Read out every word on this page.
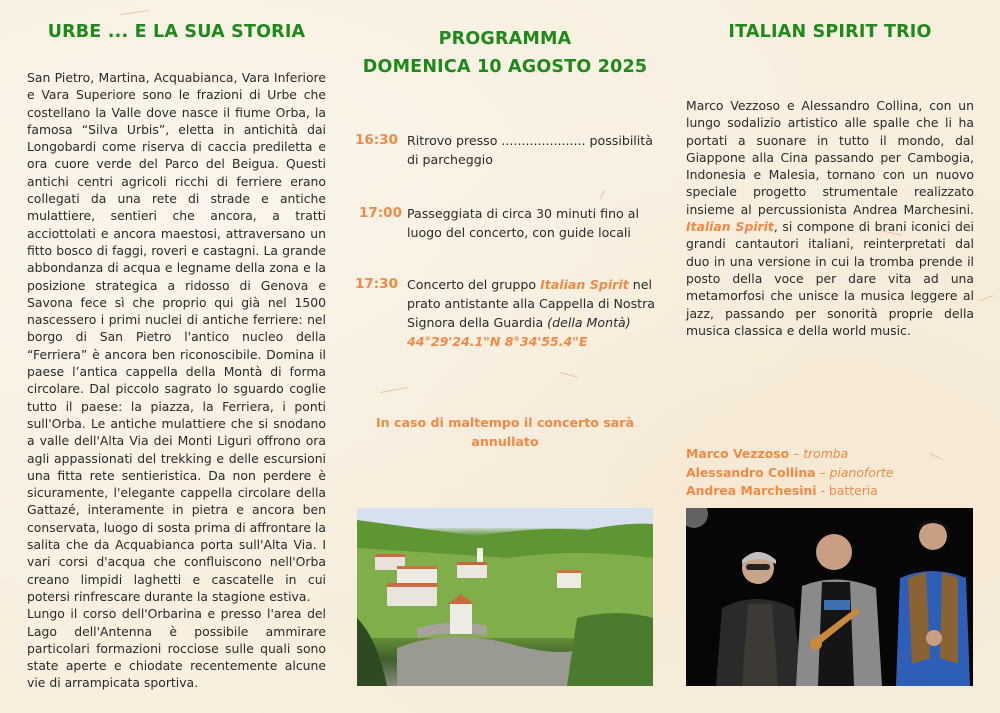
URBE ... E LA SUA STORIA
San Pietro, Martina, Acquabianca, Vara Inferiore e Vara Superiore sono le frazioni di Urbe che costellano la Valle dove nasce il fiume Orba, la famosa “Silva Urbis”, eletta in antichità dai Longobardi come riserva di caccia prediletta e ora cuore verde del Parco del Beigua. Questi antichi centri agricoli ricchi di ferriere erano collegati da una rete di strade e antiche mulattiere, sentieri che ancora, a tratti acciottolati e ancora maestosi, attraversano un fitto bosco di faggi, roveri e castagni. La grande abbondanza di acqua e legname della zona e la posizione strategica a ridosso di Genova e Savona fece sì che proprio qui già nel 1500 nascessero i primi nuclei di antiche ferriere: nel borgo di San Pietro l'antico nucleo della “Ferriera” è ancora ben riconoscibile. Domina il paese l’antica cappella della Montà di forma circolare. Dal piccolo sagrato lo sguardo coglie tutto il paese: la piazza, la Ferriera, i ponti sull'Orba. Le antiche mulattiere che si snodano a valle dell'Alta Via dei Monti Liguri offrono ora agli appassionati del trekking e delle escursioni una fitta rete sentieristica. Da non perdere è sicuramente, l'elegante cappella circolare della Gattazé, interamente in pietra e ancora ben conservata, luogo di sosta prima di affrontare la salita che da Acquabianca porta sull'Alta Via. I vari corsi d'acqua che confluiscono nell'Orba creano limpidi laghetti e cascatelle in cui potersi rinfrescare durante la stagione estiva.
Lungo il corso dell'Orbarina e presso l'area del Lago dell'Antenna è possibile ammirare particolari formazioni rocciose sulle quali sono state aperte e chiodate recentemente alcune vie di arrampicata sportiva.
PROGRAMMA
DOMENICA 10 AGOSTO 2025
16:30 Ritrovo presso ..................... possibilità di parcheggio
17:00 Passeggiata di circa 30 minuti fino al luogo del concerto, con guide locali
17:30 Concerto del gruppo Italian Spirit nel prato antistante alla Cappella di Nostra Signora della Guardia (della Montà)
44°29'24.1"N 8°34'55.4"E
In caso di maltempo il concerto sarà
annullato
ITALIAN SPIRIT TRIO
Marco Vezzoso e Alessandro Collina, con un lungo sodalizio artistico alle spalle che li ha portati a suonare in tutto il mondo, dal Giappone alla Cina passando per Cambogia, Indonesia e Malesia, tornano con un nuovo speciale progetto strumentale realizzato insieme al percussionista Andrea Marchesini. Italian Spirit, si compone di brani iconici dei grandi cantautori italiani, reinterpretati dal duo in una versione in cui la tromba prende il posto della voce per dare vita ad una metamorfosi che unisce la musica leggere al jazz, passando per sonorità proprie della musica classica e della world music.
Marco Vezzoso – tromba
Alessandro Collina – pianoforte
Andrea Marchesini - batteria
